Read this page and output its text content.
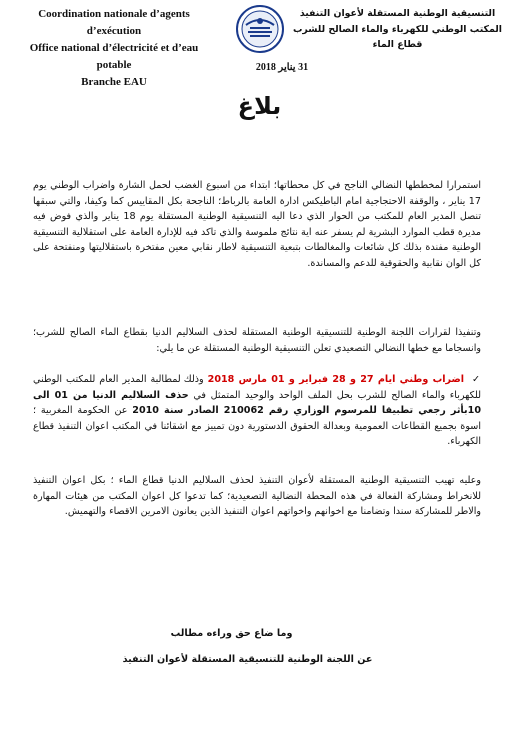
Coordination nationale d’agents d’exécution
Office national d’électricité et d’eau potable
Branche EAU
التنسيقية الوطنية المستقلة لأعوان التنفيذ
المكتب الوطني للكهرباء والماء الصالح للشرب
قطاع الماء
31 يناير 2018
بلاغ
استمرارا لمخططها النضالي الناجح في كل محطاتها؛ ابتداء من اسبوع الغضب لحمل الشارة واضراب الوطني يوم 17 يناير ، والوقفة الاحتجاجية امام الباطيكس ادارة العامة بالرباط؛ الناجحة بكل المقاييس كما وكيفا، والتي سبقها تنصل المدير العام للمكتب من الحوار الذي دعا اليه التنسيقية الوطنية المستقلة يوم 18 يناير والذي فوض فيه مديرة قطب الموارد البشرية لم يسفر عنه اية نتائج ملموسة والذي تاكد فيه للإدارة العامة على استقلالية التنسيقية الوطنية مفندة بذلك كل شائعات والمغالطات بتبعية التنسيقية لاطار نقابي معين مفتخرة باستقلاليتها ومنفتحة على كل الوان نقابية والحقوقية للدعم والمساندة.
وتنفيذا لقرارات اللجنة الوطنية للتنسيقية الوطنية المستقلة لحذف السلاليم الدنيا بقطاع الماء الصالح للشرب؛ وانسجاما مع خطها النضالي التصعيدي تعلن التنسيقية الوطنية المستقلة عن ما يلي:
✓ اضراب وطني ايام 27 و 28 فبراير و 01 مارس 2018 وذلك لمطالبة المدير العام للمكتب الوطني للكهرباء والماء الصالح للشرب بحل الملف الواحد والوحيد المتمثل في حذف السلاليم الدنيا من 01 الى 10بأثر رجعي تطبيقا للمرسوم الوزاري رقم 210062 الصادر سنة 2010 عن الحكومة المغربية ؛ اسوة بجميع القطاعات العمومية وبعدالة الحقوق الدستورية دون تمييز مع اشقائنا في المكتب اعوان التنفيذ قطاع الكهرباء.
وعليه تهيب التنسيقية الوطنية المستقلة لأعوان التنفيذ لحذف السلاليم الدنيا قطاع الماء ؛ بكل اعوان التنفيذ للانخراط ومشاركة الفعالة في هذه المحطة النضالية التصعيدية؛ كما تدعوا كل اعوان المكتب من هيئات المهارة والاطر للمشاركة سندا وتضامنا مع اخوانهم واخواتهم اعوان التنفيذ الذين يعانون الامرين الاقصاء والتهميش.
وما ضاع حق وراءه مطالب
عن اللجنة الوطنية للتنسيقية المستقلة لأعوان التنفيذ
